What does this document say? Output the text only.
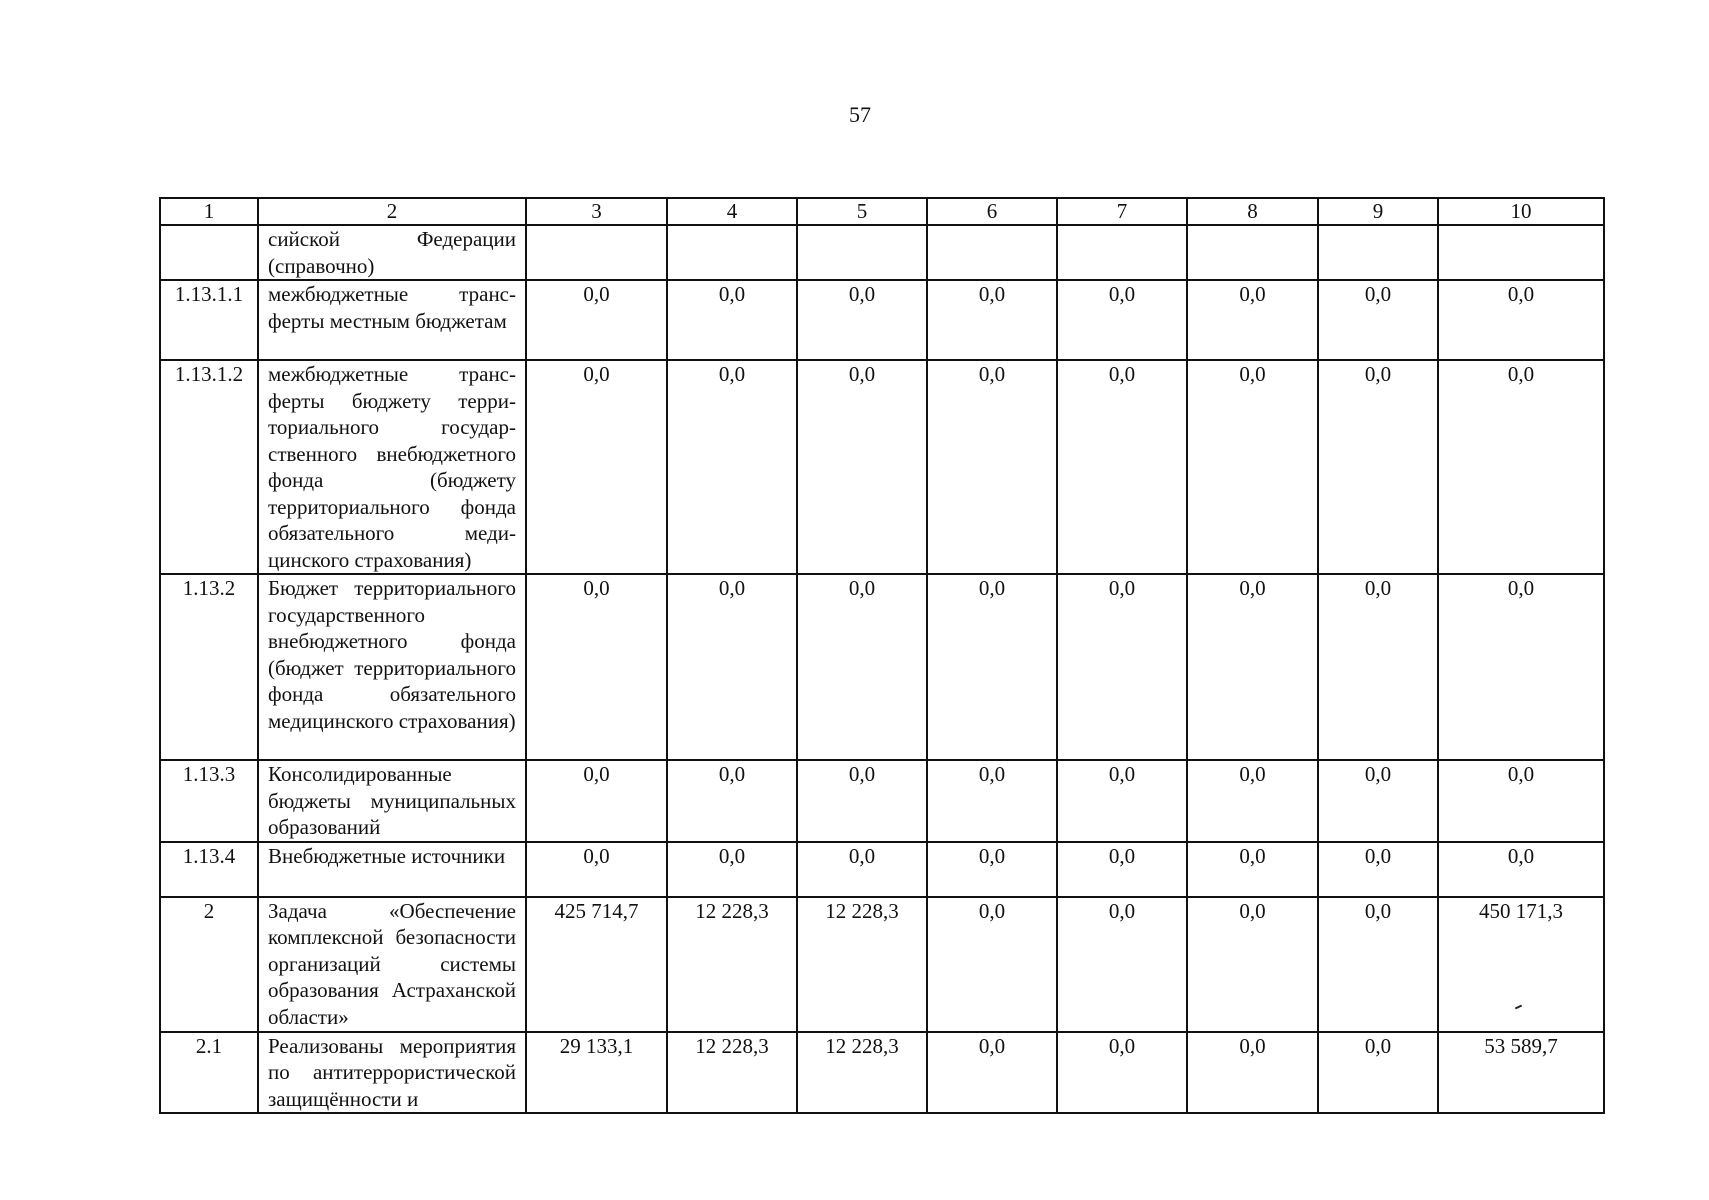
57
1	2	3	4	5	6	7	8	9	10
	сийской Федерации (справочно)								
1.13.1.1	межбюджетные трансферты местным бюджетам	0,0	0,0	0,0	0,0	0,0	0,0	0,0	0,0
1.13.1.2	межбюджетные трансферты бюджету территориального государственного внебюджетного фонда (бюджету территориального фонда обязательного медицинского страхования)	0,0	0,0	0,0	0,0	0,0	0,0	0,0	0,0
1.13.2	Бюджет территориального государственного внебюджетного фонда (бюджет территориального фонда обязательного медицинского страхования)	0,0	0,0	0,0	0,0	0,0	0,0	0,0	0,0
1.13.3	Консолидированные бюджеты муниципальных образований	0,0	0,0	0,0	0,0	0,0	0,0	0,0	0,0
1.13.4	Внебюджетные источники	0,0	0,0	0,0	0,0	0,0	0,0	0,0	0,0
2	Задача «Обеспечение комплексной безопасности организаций системы образования Астраханской области»	425 714,7	12 228,3	12 228,3	0,0	0,0	0,0	0,0	450 171,3
2.1	Реализованы мероприятия по антитеррористической защищённости и	29 133,1	12 228,3	12 228,3	0,0	0,0	0,0	0,0	53 589,7
